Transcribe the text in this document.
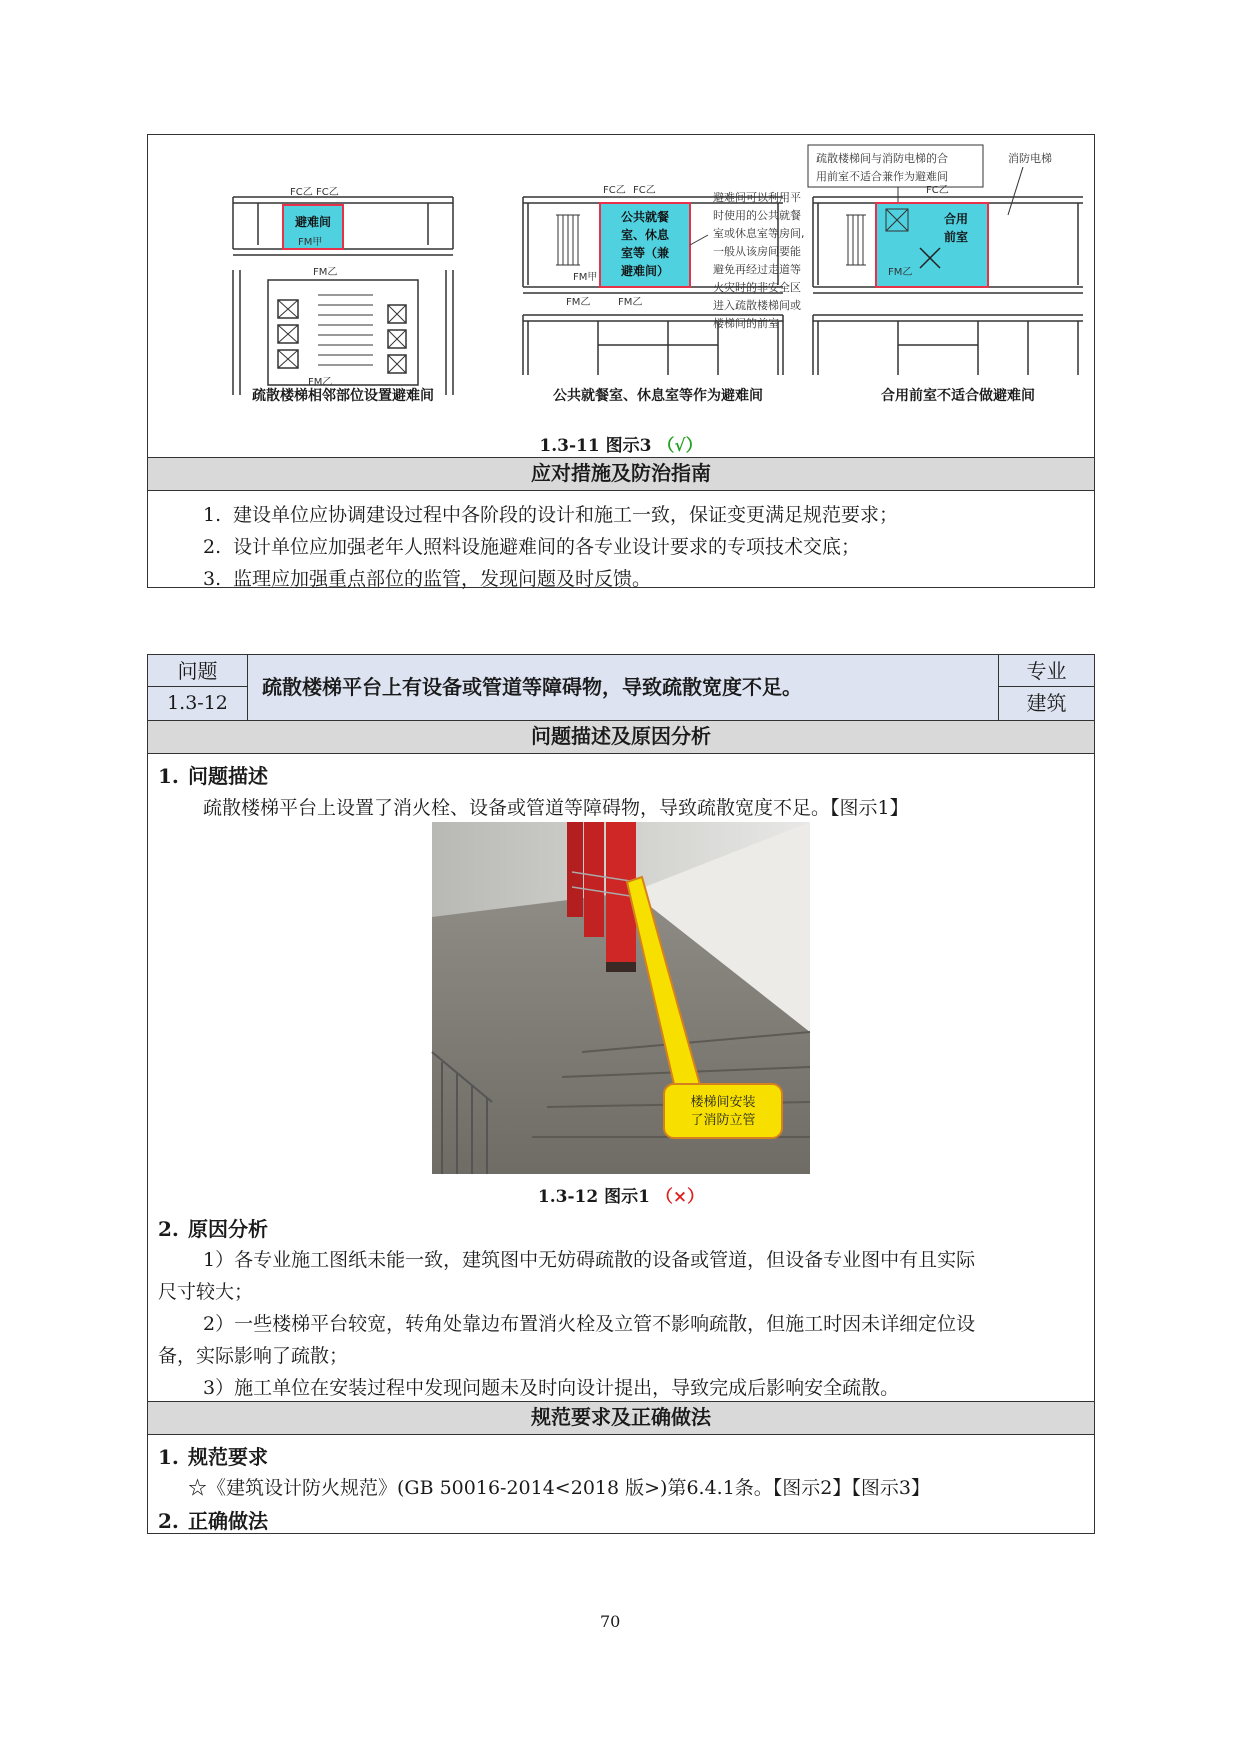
避难间
FC乙 FC乙
FM甲
FM乙
FM乙
疏散楼梯相邻部位设置避难间
公共就餐
室、休息
室等（兼
避难间）
FC乙 FC乙
FM乙	FM乙
FM甲
避难间可以利用平
时使用的公共就餐
室或休息室等房间,
一般从该房间要能
避免再经过走道等
火灾时的非安全区
进入疏散楼梯间或
楼梯间的前室
公共就餐室、休息室等作为避难间
疏散楼梯间与消防电梯的合
用前室不适合兼作为避难间
消防电梯
合用
前室
FC乙
FM乙
合用前室不适合做避难间
1.3-11 图示3 （√）
应对措施及防治指南
1. 建设单位应协调建设过程中各阶段的设计和施工一致，保证变更满足规范要求；
2. 设计单位应加强老年人照料设施避难间的各专业设计要求的专项技术交底；
3. 监理应加强重点部位的监管，发现问题及时反馈。
问题
1.3-12
疏散楼梯平台上有设备或管道等障碍物，导致疏散宽度不足。
专业
建筑
问题描述及原因分析
1. 问题描述
疏散楼梯平台上设置了消火栓、设备或管道等障碍物，导致疏散宽度不足。【图示1】
楼梯间安装
了消防立管
1.3-12 图示1 （×）
2. 原因分析
1）各专业施工图纸未能一致，建筑图中无妨碍疏散的设备或管道，但设备专业图中有且实际
尺寸较大；
2）一些楼梯平台较宽，转角处靠边布置消火栓及立管不影响疏散，但施工时因未详细定位设
备，实际影响了疏散；
3）施工单位在安装过程中发现问题未及时向设计提出，导致完成后影响安全疏散。
规范要求及正确做法
1. 规范要求
☆《建筑设计防火规范》(GB 50016-2014<2018 版>)第6.4.1条。【图示2】【图示3】
2. 正确做法
70
